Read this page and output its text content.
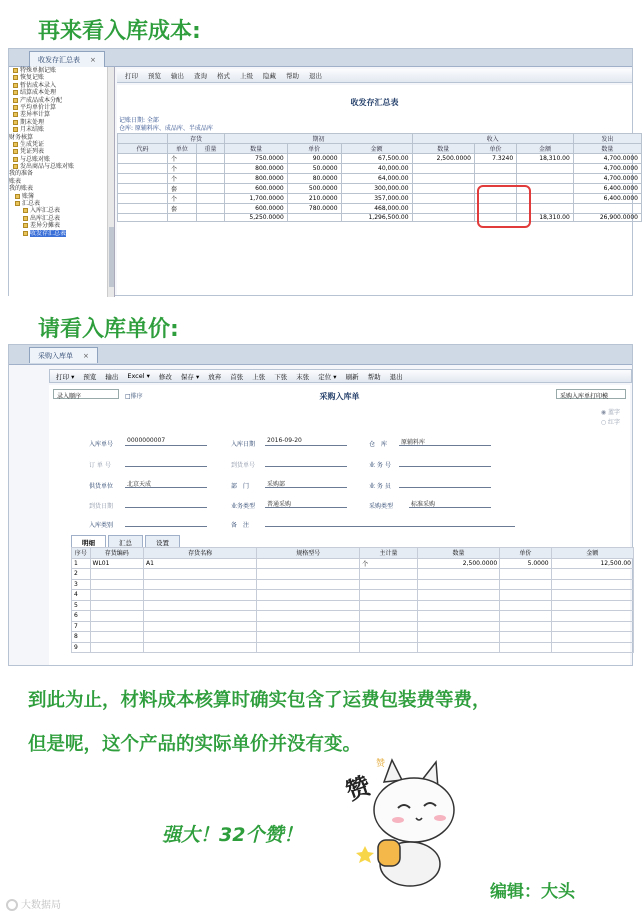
再来看入库成本:
收发存汇总表 ×
特殊单据记账
恢复记账
暂估成本录入
结算成本处理
产成品成本分配
平均单价计算
差异率计算
期末处理
月末结账
财务核算
生成凭证
凭证列表
与总账对账
发出商品与总账对账
我的准备
账表
我的账表
账簿
汇总表
入库汇总表
出库汇总表
差异分摊表
收发存汇总表
打印 预览 输出 查询 格式 上级 隐藏 帮助 退出
收发存汇总表
记账日期: 全部
仓库: 原辅料库、成品库、半成品库
	存货		期初			收入			发出
代码	单位	重量	数量	单价	金额	数量	单价	金额	数量
	个		750.0000	90.0000	67,500.00	2,500.0000	7.3240	18,310.00	4,700.0000
	个		800.0000	50.0000	40,000.00				4,700.0000
	个		800.0000	80.0000	64,000.00				4,700.0000
	套		600.0000	500.0000	300,000.00				6,400.0000
	个		1,700.0000	210.0000	357,000.00				6,400.0000
	套		600.0000	780.0000	468,000.00				
			5,250.0000		1,296,500.00			18,310.00	26,900.0000
请看入库单价:
采购入库单 ×
打印 ▾ 预览 输出 Excel ▾ 修改 保存 ▾ 放弃 首张 上张 下张 末张 定位 ▾ 刷新 帮助 退出
录入顺序	□排序	采购入库单	采购入库单打印模
◉ 蓝字
○ 红字
入库单号
0000000007
入库日期
2016-09-20
仓　库	原辅料库
订 单 号	到货单号	业 务 号
供货单位	北京天成	部　门	采购部	业 务 员
到货日期	业务类型	普通采购	采购类型	标准采购
入库类别	备　注
明细	汇总	设置
序号	存货编码	存货名称	规格型号	主计量	数量	单价	金额
1	WL01	A1		个	2,500.0000	5.0000	12,500.00
2							
3							
4							
5							
6							
7							
8							
9							
到此为止，材料成本核算时确实包含了运费包装费等费，
但是呢，这个产品的实际单价并没有变。
赞
赞
强大！32个赞！
编辑：大头
大数据局
